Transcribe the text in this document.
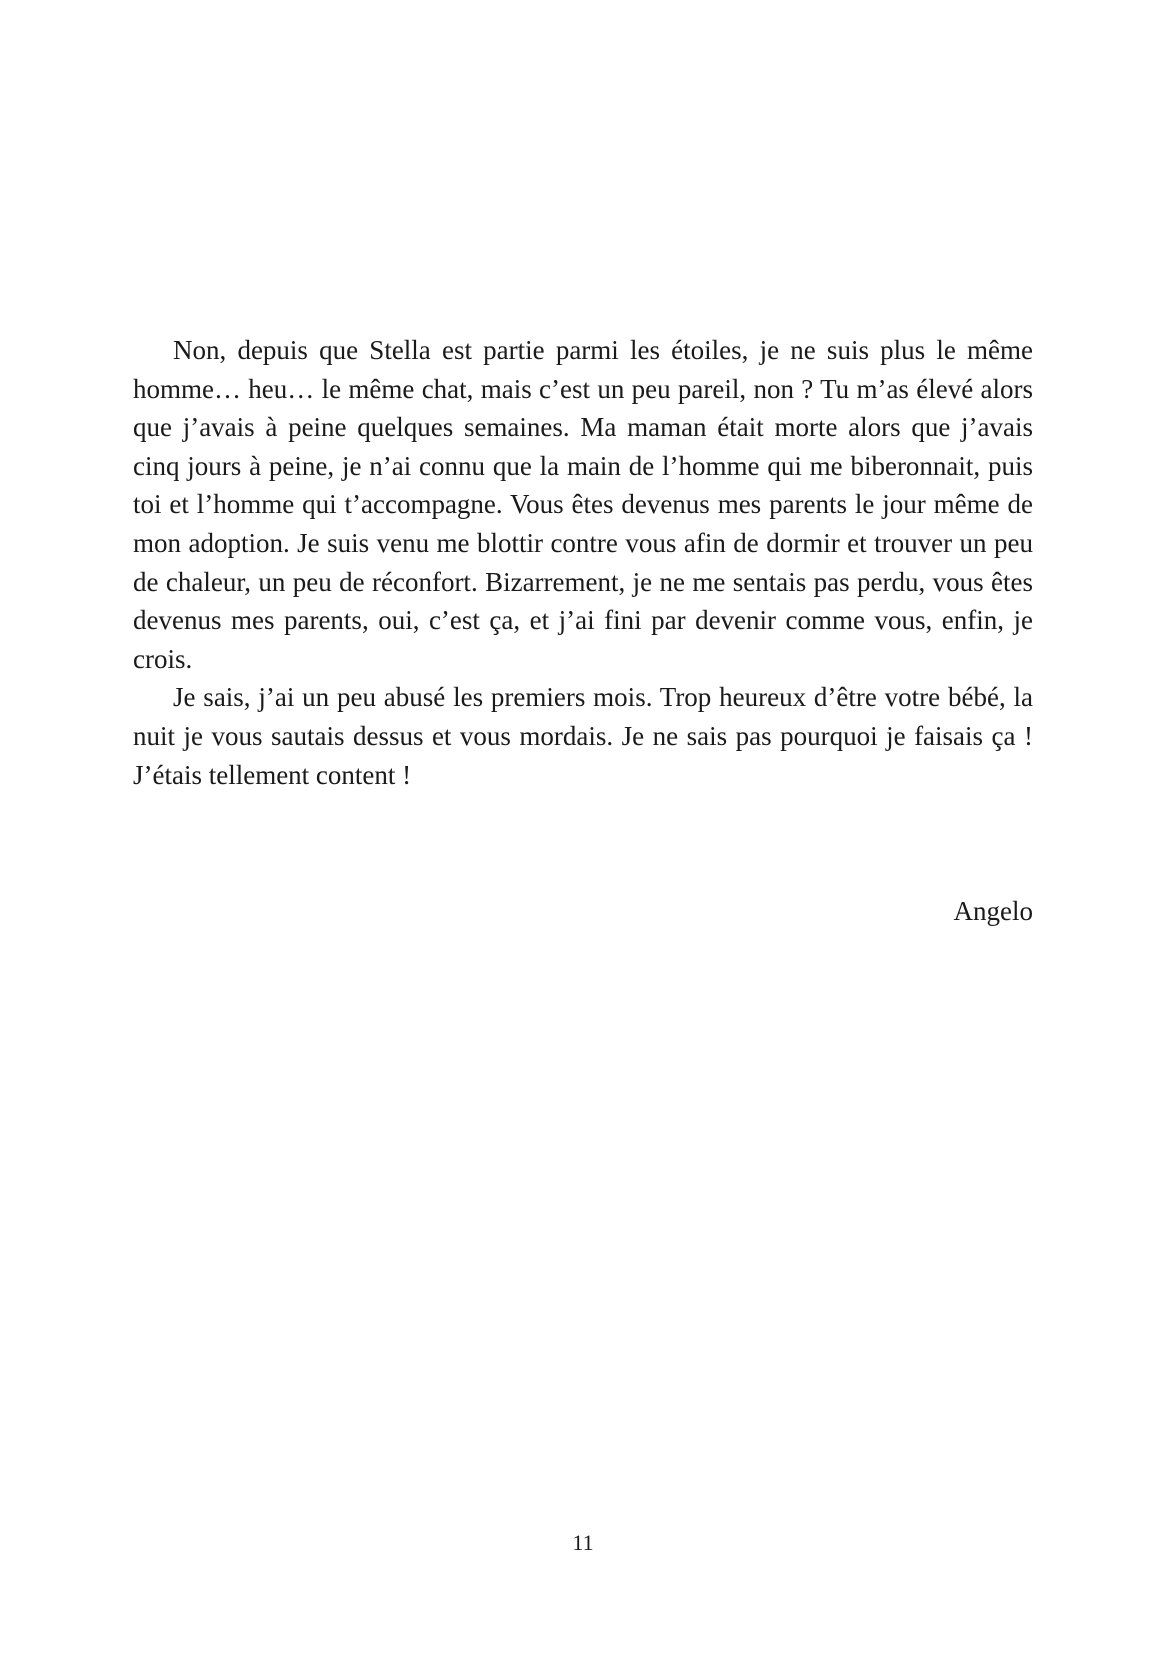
Non, depuis que Stella est partie parmi les étoiles, je ne suis plus le même homme… heu… le même chat, mais c’est un peu pareil, non ? Tu m’as élevé alors que j’avais à peine quelques semaines. Ma maman était morte alors que j’avais cinq jours à peine, je n’ai connu que la main de l’homme qui me biberonnait, puis toi et l’homme qui t’accompagne. Vous êtes devenus mes parents le jour même de mon adoption. Je suis venu me blottir contre vous afin de dormir et trouver un peu de chaleur, un peu de réconfort. Bizarrement, je ne me sentais pas perdu, vous êtes devenus mes parents, oui, c’est ça, et j’ai fini par devenir comme vous, enfin, je crois.

Je sais, j’ai un peu abusé les premiers mois. Trop heureux d’être votre bébé, la nuit je vous sautais dessus et vous mordais. Je ne sais pas pourquoi je faisais ça ! J’étais tellement content !

Angelo
11
